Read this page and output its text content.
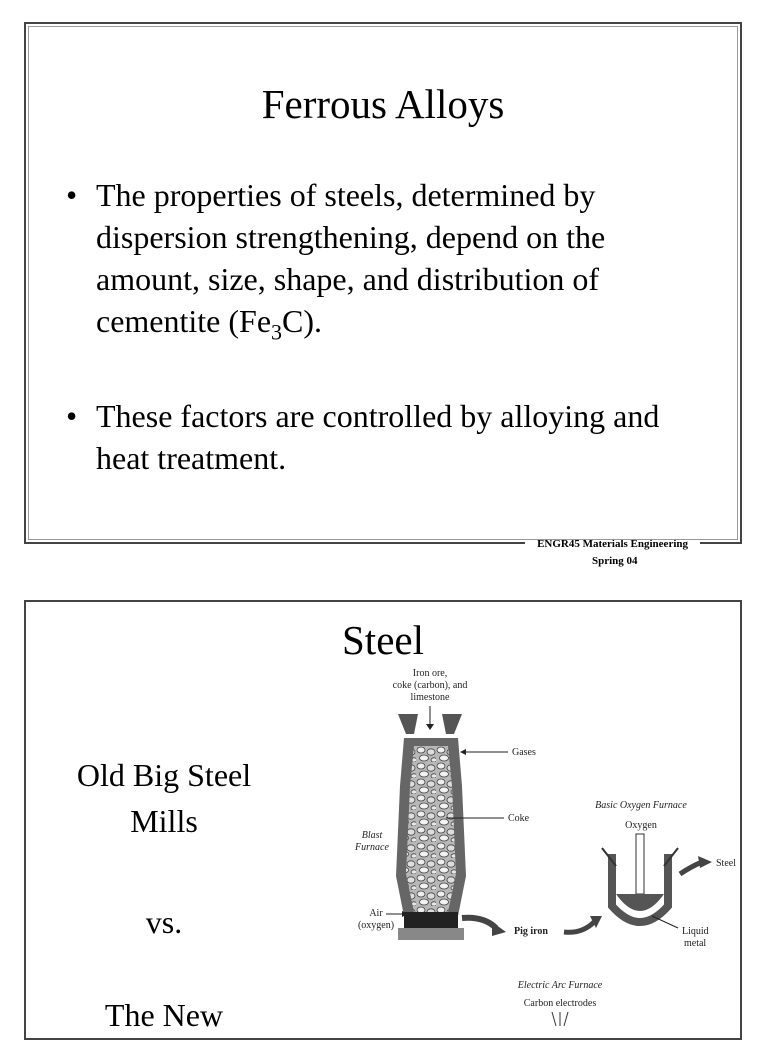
Ferrous Alloys
• The properties of steels, determined by dispersion strengthening, depend on the amount, size, shape, and distribution of cementite $(Fe_3C)$.
• These factors are controlled by alloying and heat treatment.
ENGR45 Materials Engineering
Spring 04
Steel
Old Big Steel
Mills
vs.
The New
Iron ore,
coke (carbon), and
limestone
Gases
Coke
Blast
Furnace
Air
(oxygen)
Pig iron
Basic Oxygen Furnace
Oxygen
Steel
Liquid
metal
Electric Arc Furnace
Carbon electrodes
